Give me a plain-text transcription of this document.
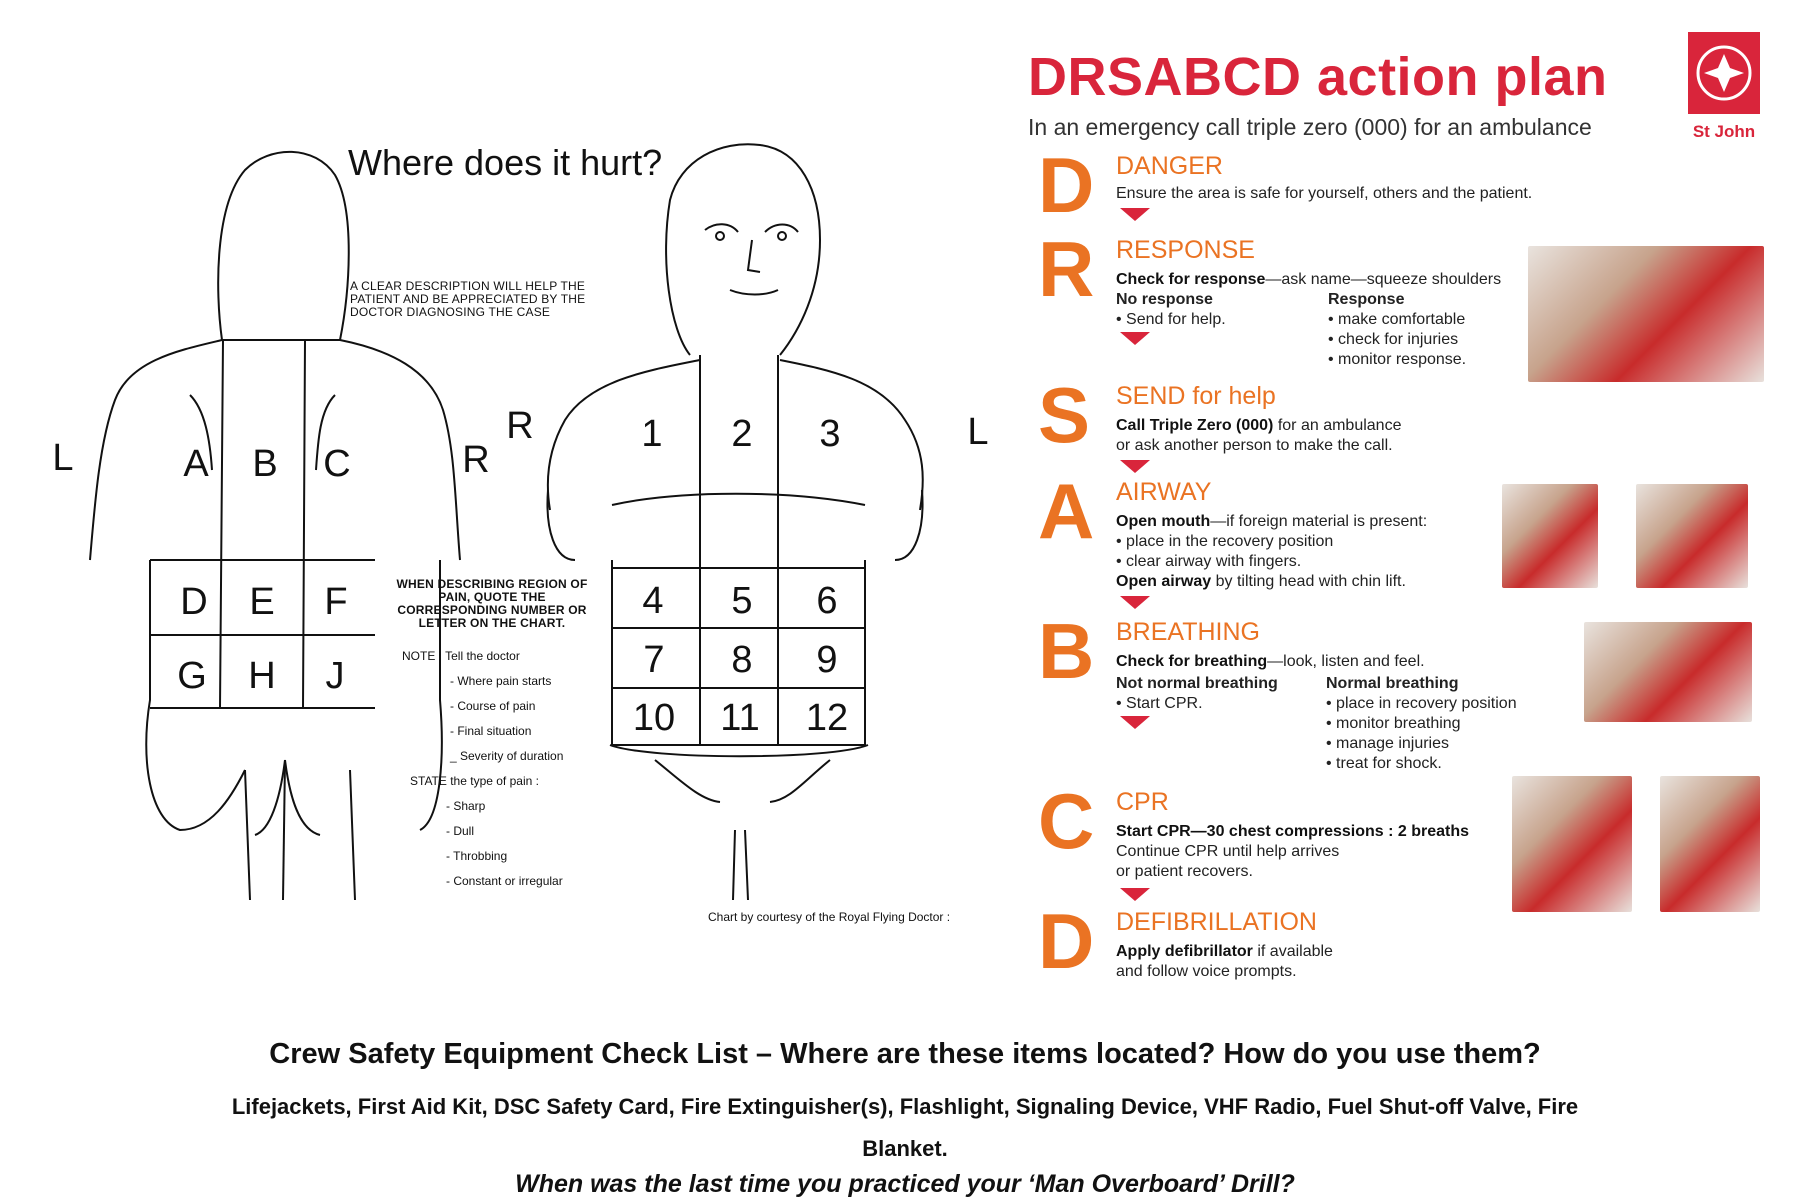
Where does it hurt?
A CLEAR DESCRIPTION WILL HELP THE PATIENT AND BE APPRECIATED BY THE DOCTOR DIAGNOSING THE CASE
WHEN DESCRIBING REGION OF PAIN, QUOTE THE CORRESPONDING NUMBER OR LETTER ON THE CHART.
NOTE : Tell the doctor
- Where pain starts
- Course of pain
- Final situation
_ Severity of duration
STATE the type of pain :
- Sharp
- Dull
- Throbbing
- Constant or irregular
Chart by courtesy of the Royal Flying Doctor :
L	R
R	L
A B C
D E F
G H J
1 2 3
4 5 6
7 8 9
10 11 12
DRSABCD action plan
In an emergency call triple zero (000) for an ambulance	St John
D DANGER
Ensure the area is safe for yourself, others and the patient.
R RESPONSE
Check for response—ask name—squeeze shoulders
No response
• Send for help.
Response
• make comfortable
• check for injuries
• monitor response.
S SEND for help
Call Triple Zero (000) for an ambulance
or ask another person to make the call.
A AIRWAY
Open mouth—if foreign material is present:
• place in the recovery position
• clear airway with fingers.
Open airway by tilting head with chin lift.
B BREATHING
Check for breathing—look, listen and feel.
Not normal breathing
• Start CPR.
Normal breathing
• place in recovery position
• monitor breathing
• manage injuries
• treat for shock.
C CPR
Start CPR—30 chest compressions : 2 breaths
Continue CPR until help arrives
or patient recovers.
D DEFIBRILLATION
Apply defibrillator if available
and follow voice prompts.
Crew Safety Equipment Check List – Where are these items located? How do you use them?
Lifejackets, First Aid Kit, DSC Safety Card, Fire Extinguisher(s), Flashlight, Signaling Device, VHF Radio, Fuel Shut-off Valve, Fire Blanket.
When was the last time you practiced your ‘Man Overboard’ Drill?
